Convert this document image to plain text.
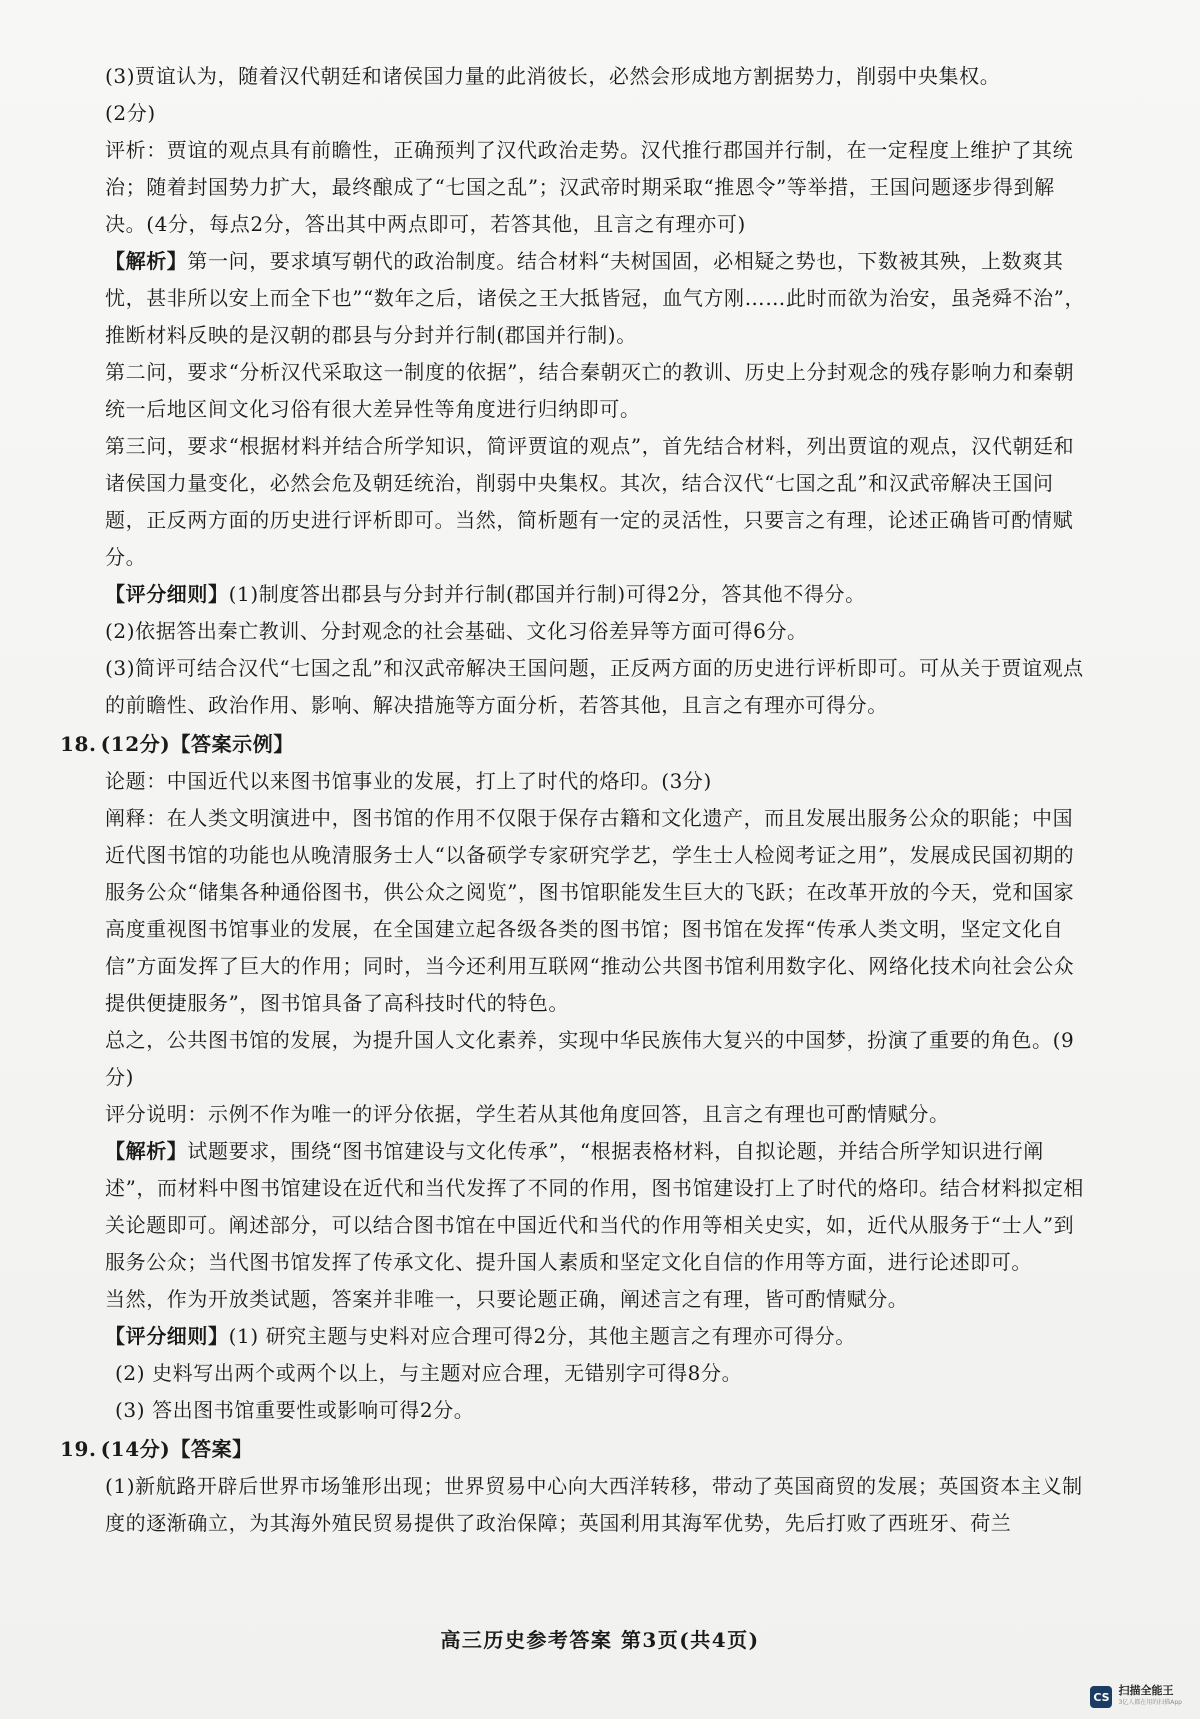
(3)贾谊认为，随着汉代朝廷和诸侯国力量的此消彼长，必然会形成地方割据势力，削弱中央集权。

(2分)

评析：贾谊的观点具有前瞻性，正确预判了汉代政治走势。汉代推行郡国并行制，在一定程度上维护了其统治；随着封国势力扩大，最终酿成了“七国之乱”；汉武帝时期采取“推恩令”等举措，王国问题逐步得到解决。(4分，每点2分，答出其中两点即可，若答其他，且言之有理亦可)

【解析】第一问，要求填写朝代的政治制度。结合材料“夫树国固，必相疑之势也，下数被其殃，上数爽其忧，甚非所以安上而全下也”“数年之后，诸侯之王大抵皆冠，血气方刚……此时而欲为治安，虽尧舜不治”，推断材料反映的是汉朝的郡县与分封并行制(郡国并行制)。

第二问，要求“分析汉代采取这一制度的依据”，结合秦朝灭亡的教训、历史上分封观念的残存影响力和秦朝统一后地区间文化习俗有很大差异性等角度进行归纳即可。

第三问，要求“根据材料并结合所学知识，简评贾谊的观点”，首先结合材料，列出贾谊的观点，汉代朝廷和诸侯国力量变化，必然会危及朝廷统治，削弱中央集权。其次，结合汉代“七国之乱”和汉武帝解决王国问题，正反两方面的历史进行评析即可。当然，简析题有一定的灵活性，只要言之有理，论述正确皆可酌情赋分。

【评分细则】(1)制度答出郡县与分封并行制(郡国并行制)可得2分，答其他不得分。

(2)依据答出秦亡教训、分封观念的社会基础、文化习俗差异等方面可得6分。

(3)简评可结合汉代“七国之乱”和汉武帝解决王国问题，正反两方面的历史进行评析即可。可从关于贾谊观点的前瞻性、政治作用、影响、解决措施等方面分析，若答其他，且言之有理亦可得分。

18. (12分)【答案示例】

论题：中国近代以来图书馆事业的发展，打上了时代的烙印。(3分)

阐释：在人类文明演进中，图书馆的作用不仅限于保存古籍和文化遗产，而且发展出服务公众的职能；中国近代图书馆的功能也从晚清服务士人“以备硕学专家研究学艺，学生士人检阅考证之用”，发展成民国初期的服务公众“储集各种通俗图书，供公众之阅览”，图书馆职能发生巨大的飞跃；在改革开放的今天，党和国家高度重视图书馆事业的发展，在全国建立起各级各类的图书馆；图书馆在发挥“传承人类文明，坚定文化自信”方面发挥了巨大的作用；同时，当今还利用互联网“推动公共图书馆利用数字化、网络化技术向社会公众提供便捷服务”，图书馆具备了高科技时代的特色。

总之，公共图书馆的发展，为提升国人文化素养，实现中华民族伟大复兴的中国梦，扮演了重要的角色。(9分)

评分说明：示例不作为唯一的评分依据，学生若从其他角度回答，且言之有理也可酌情赋分。

【解析】试题要求，围绕“图书馆建设与文化传承”，“根据表格材料，自拟论题，并结合所学知识进行阐述”，而材料中图书馆建设在近代和当代发挥了不同的作用，图书馆建设打上了时代的烙印。结合材料拟定相关论题即可。阐述部分，可以结合图书馆在中国近代和当代的作用等相关史实，如，近代从服务于“士人”到服务公众；当代图书馆发挥了传承文化、提升国人素质和坚定文化自信的作用等方面，进行论述即可。

当然，作为开放类试题，答案并非唯一，只要论题正确，阐述言之有理，皆可酌情赋分。

【评分细则】(1) 研究主题与史料对应合理可得2分，其他主题言之有理亦可得分。

(2) 史料写出两个或两个以上，与主题对应合理，无错别字可得8分。

(3) 答出图书馆重要性或影响可得2分。

19. (14分)【答案】

(1)新航路开辟后世界市场雏形出现；世界贸易中心向大西洋转移，带动了英国商贸的发展；英国资本主义制度的逐渐确立，为其海外殖民贸易提供了政治保障；英国利用其海军优势，先后打败了西班牙、荷兰

高三历史参考答案 第3页(共4页)
CS 扫描全能王
3亿人都在用的扫描App
